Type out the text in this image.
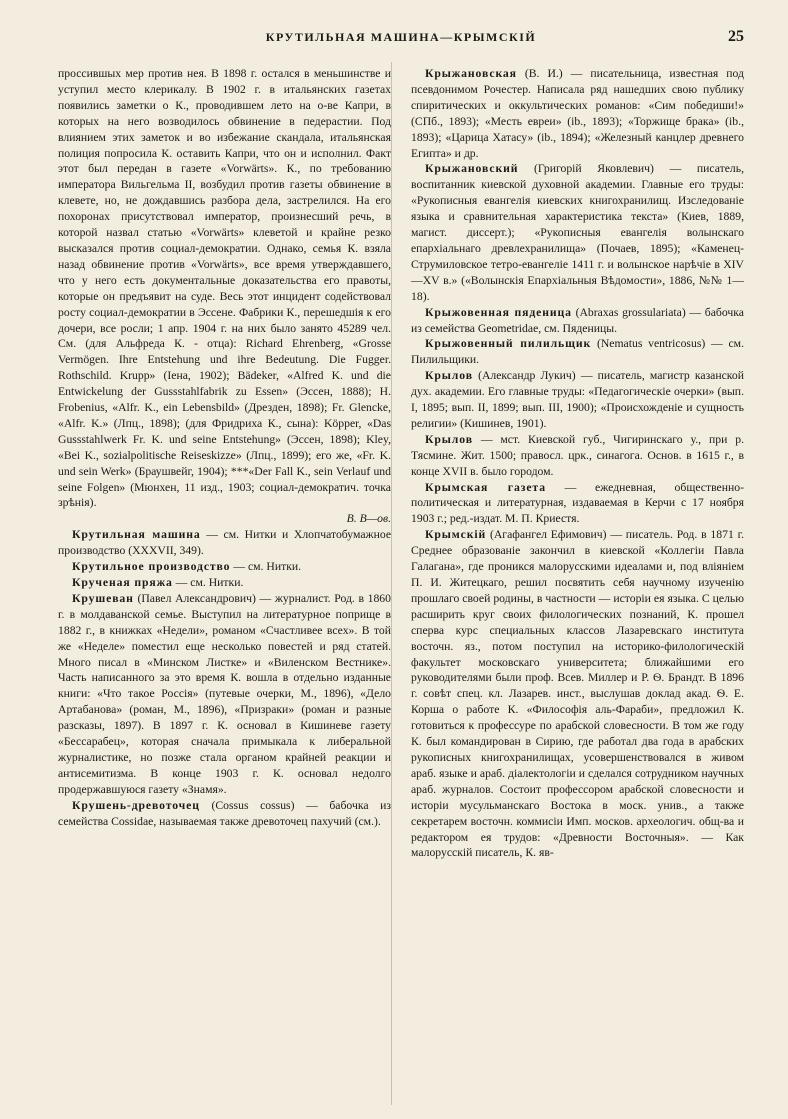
КРУТИЛЬНАЯ МАШИНА—КРЫМСКІЙ	25

проссившых мер против нея. В 1898 г. остался в меньшинстве и уступил место клерикалу. В 1902 г. в итальянских газетах появились заметки о К., проводившем лето на о-ве Капри, в которых на него возводилось обвинение в педерастии. Под влиянием этих заметок и во избежание скандала, итальянская полиция попросила К. оставить Капри, что он и исполнил. Факт этот был передан в газете «Vorwärts». К., по требованию императора Вильгельма II, возбудил против газеты обвинение в клевете, но, не дождавшись разбора дела, застрелился. На его похоронах присутствовал император, произнесший речь, в которой назвал статью «Vorwärts» клеветой и крайне резко высказался против социал-демократии. Однако, семья К. взяла назад обвинение против «Vorwärts», все время утверждавшего, что у него есть документальные доказательства его правоты, которые он предъявит на суде. Весь этот инцидент содействовал росту социал-демократии в Эссене. Фабрики К., перешедшія к его дочери, все росли; 1 апр. 1904 г. на них было занято 45289 чел. См. (для Альфреда К. - отца): Richard Ehrenberg, «Grosse Vermögen. Ihre Entstehung und ihre Bedeutung. Die Fugger. Rothschild. Krupp» (Iена, 1902); Bädeker, «Alfred K. und die Entwickelung der Gussstahlfabrik zu Essen» (Эссен, 1888); H. Frobenius, «Alfr. K., ein Lebensbild» (Дрезден, 1898); Fr. Glencke, «Alfr. K.» (Лпц., 1898); (для Фридриха К., сына): Köpper, «Das Gussstahlwerk Fr. K. und seine Entstehung» (Эссен, 1898); Kley, «Bei K., sozialpolitische Reiseskizze» (Лпц., 1899); его же, «Fr. K. und sein Werk» (Браушвейг, 1904); ***«Der Fall K., sein Verlauf und seine Folgen» (Мюнхен, 11 изд., 1903; социал-демократич. точка зрѣнія).
В. В—ов.

Крутильная машина — см. Нитки и Хлопчатобумажное производство (XXXVII, 349).

Крутильное производство — см. Нитки.

Крученая пряжа — см. Нитки.

Крушеван (Павел Александрович) — журналист. Род. в 1860 г. в молдаванской семье. Выступил на литературное поприще в 1882 г., в книжках «Недели», романом «Счастливее всех». В той же «Неделе» поместил еще несколько повестей и ряд статей. Много писал в «Минском Листке» и «Виленском Вестнике». Часть написанного за это время К. вошла в отдельно изданные книги: «Что такое Россія» (путевые очерки, М., 1896), «Дело Артабанова» (роман, М., 1896), «Призраки» (роман и разные разсказы, 1897). В 1897 г. К. основал в Кишиневе газету «Бессарабец», которая сначала примыкала к либеральной журналистике, но позже стала органом крайней реакции и антисемитизма. В конце 1903 г. К. основал недолго продержавшуюся газету «Знамя».

Крушень-древоточец (Cossus cossus) — бабочка из семейства Cossidae, называемая также древоточец пахучий (см.).

Крыжановская (В. И.) — писательница, известная под псевдонимом Рочестер. Написала ряд нашедших свою публику спиритических и оккультических романов: «Сим победиши!» (СПб., 1893); «Месть евреи» (ib., 1893); «Торжище брака» (ib., 1893); «Царица Хатасу» (ib., 1894); «Железный канцлер древнего Египта» и др.

Крыжановский (Григорій Яковлевич) — писатель, воспитанник киевской духовной академии. Главные его труды: «Рукописныя евангелія киевских книгохранилищ. Изследованіе языка и сравнительная характеристика текста» (Киев, 1889, магист. диссерт.); «Рукописныя евангелія волынскаго епархіальнаго древлехранилища» (Почаев, 1895); «Каменец-Струмиловское тетро-евангеліе 1411 г. и волынское нарѣчіе в XIV—XV в.» («Волынскія Епархіальныя Вѣдомости», 1886, №№ 1—18).

Крыжовенная пяденица (Abraxas grossulariata) — бабочка из семейства Geometridae, см. Пяденицы.

Крыжовенный пилильщик (Nematus ventricosus) — см. Пилильщики.

Крылов (Александр Лукич) — писатель, магистр казанской дух. академии. Его главные труды: «Педагогическіе очерки» (вып. I, 1895; вып. II, 1899; вып. III, 1900); «Происхожденіе и сущность религии» (Кишинев, 1901).

Крылов — мст. Киевской губ., Чигиринскаго у., при р. Тясмине. Жит. 1500; правосл. црк., синагога. Основ. в 1615 г., в конце XVII в. было городом.

Крымская газета — ежедневная, общественно-политическая и литературная, издаваемая в Керчи с 17 ноября 1903 г.; ред.-издат. М. П. Криестя.

Крымскій (Агафангел Ефимович) — писатель. Род. в 1871 г. Среднее образованіе закончил в киевской «Коллегіи Павла Галагана», где проникся малорусскими идеалами и, под вліяніем П. И. Житецкаго, решил посвятить себя научному изученію прошлаго своей родины, в частности — исторіи ея языка. С целью расширить круг своих филологических познаний, К. прошел сперва курс специальных классов Лазаревскаго института восточн. яз., потом поступил на историко-филологическій факультет московскаго университета; ближайшими его руководителями были проф. Всев. Миллер и Р. Ѳ. Брандт. В 1896 г. совѣт спец. кл. Лазарев. инст., выслушав доклад акад. Ѳ. Е. Корша о работе К. «Философія аль-Фараби», предложил К. готовиться к профессуре по арабской словесности. В том же году К. был командирован в Сирию, где работал два года в арабских рукописных книгохранилищах, усовершенствовался в живом араб. языке и араб. діалектологіи и сделался сотрудником научных араб. журналов. Состоит профессором арабской словесности и исторіи мусульманскаго Востока в моск. унив., а также секретарем восточн. коммисіи Имп. москов. археологич. общ-ва и редактором ея трудов: «Древности Восточныя». — Как малорусскій писатель, К. яв-
